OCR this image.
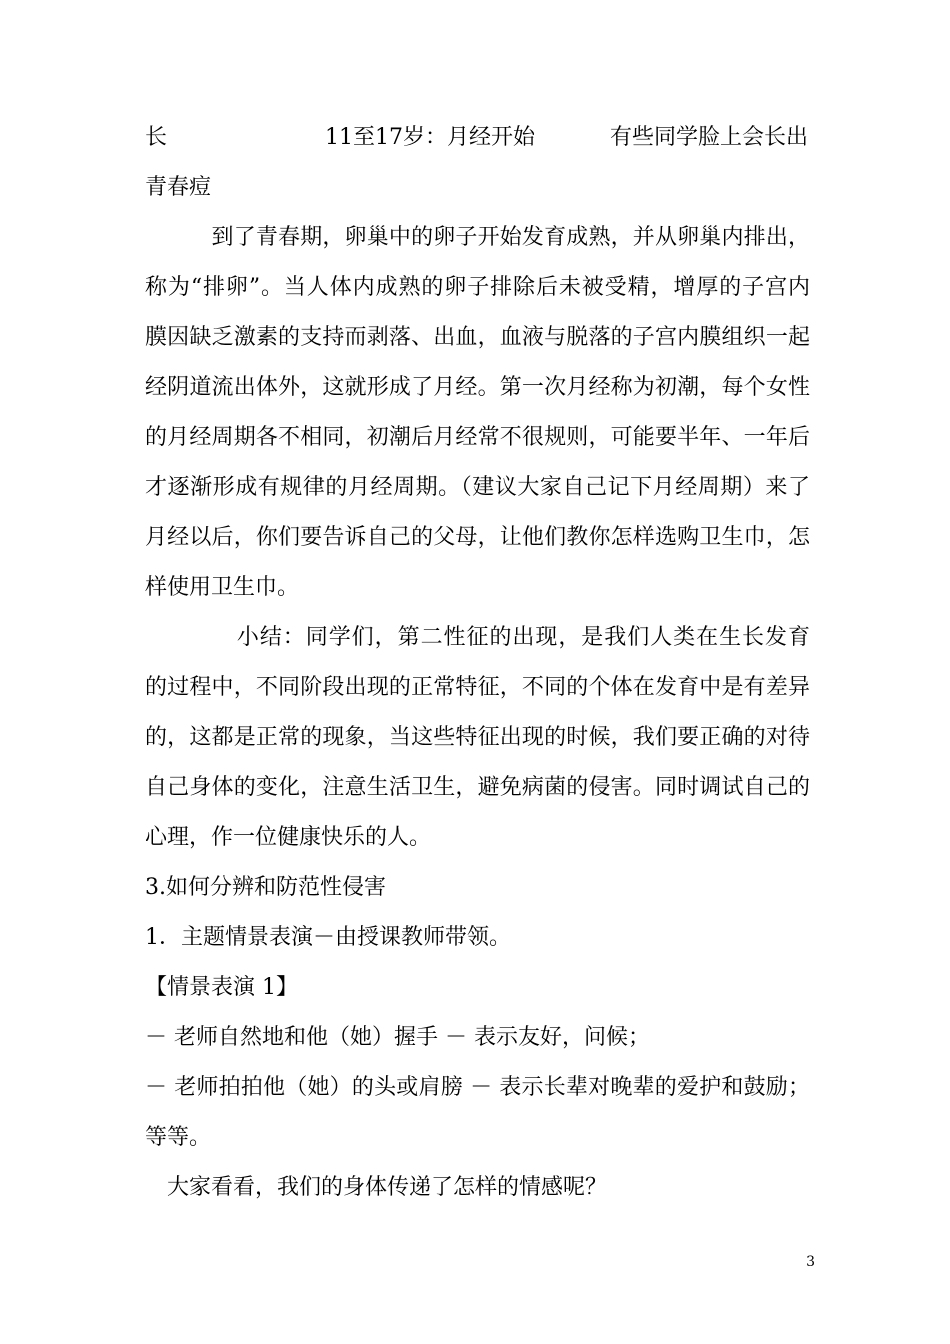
长	11至17岁：月经开始	有些同学脸上会长出
青春痘
　　　到了青春期，卵巢中的卵子开始发育成熟，并从卵巢内排出，
称为“排卵”。当人体内成熟的卵子排除后未被受精，增厚的子宫内
膜因缺乏激素的支持而剥落、出血，血液与脱落的子宫内膜组织一起
经阴道流出体外，这就形成了月经。第一次月经称为初潮，每个女性
的月经周期各不相同，初潮后月经常不很规则，可能要半年、一年后
才逐渐形成有规律的月经周期。（建议大家自己记下月经周期）来了
月经以后，你们要告诉自己的父母，让他们教你怎样选购卫生巾，怎
样使用卫生巾。
　　　　小结：同学们，第二性征的出现，是我们人类在生长发育
的过程中，不同阶段出现的正常特征，不同的个体在发育中是有差异
的，这都是正常的现象，当这些特征出现的时候，我们要正确的对待
自己身体的变化，注意生活卫生，避免病菌的侵害。同时调试自己的
心理，作一位健康快乐的人。
3.如何分辨和防范性侵害
1．主题情景表演－由授课教师带领。
【情景表演 1】
－ 老师自然地和他（她）握手 － 表示友好，问候；
－ 老师拍拍他（她）的头或肩膀 － 表示长辈对晚辈的爱护和鼓励；
等等。
　大家看看，我们的身体传递了怎样的情感呢？
3
